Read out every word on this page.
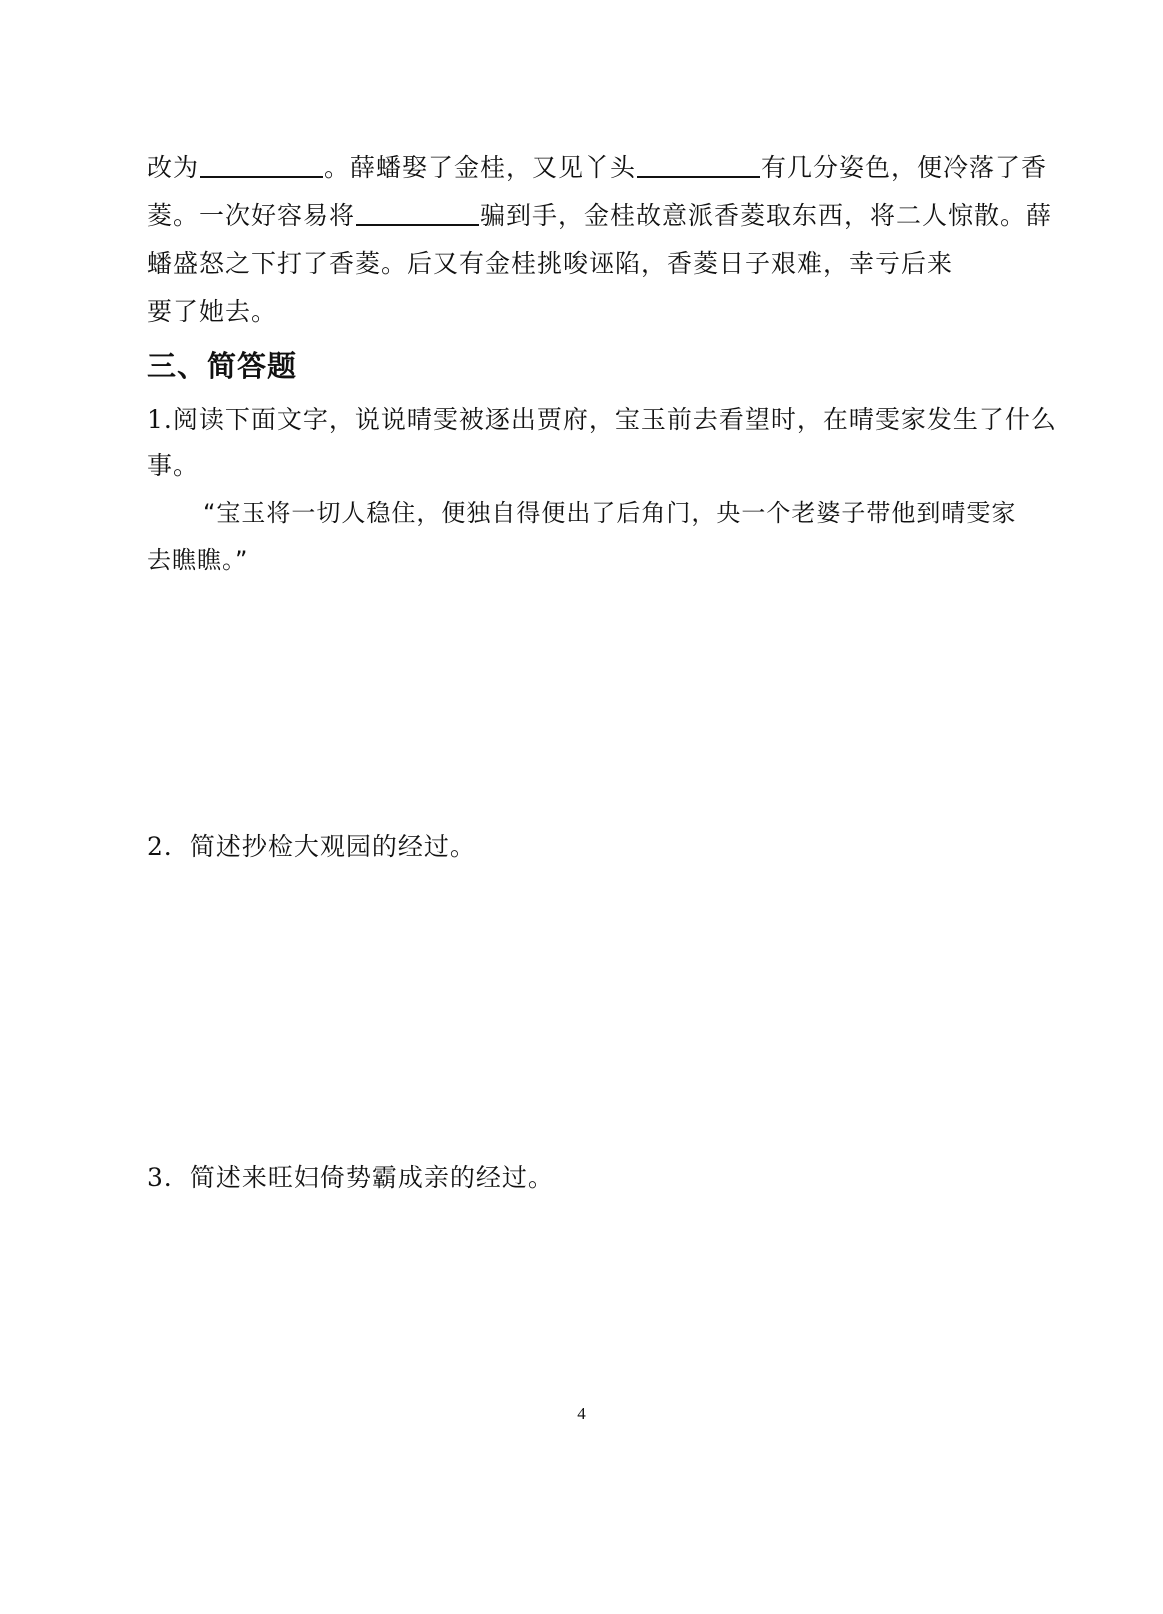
改为	。薛蟠娶了金桂，又见丫头	有几分姿色，便冷落了香
菱。一次好容易将	骗到手，金桂故意派香菱取东西，将二人惊散。薛
蟠盛怒之下打了香菱。后又有金桂挑唆诬陷，香菱日子艰难，幸亏后来
要了她去。
三、简答题
1.阅读下面文字，说说晴雯被逐出贾府，宝玉前去看望时，在晴雯家发生了什么
事。
“宝玉将一切人稳住，便独自得便出了后角门，央一个老婆子带他到晴雯家
去瞧瞧。”
2．简述抄检大观园的经过。
3．简述来旺妇倚势霸成亲的经过。
4
